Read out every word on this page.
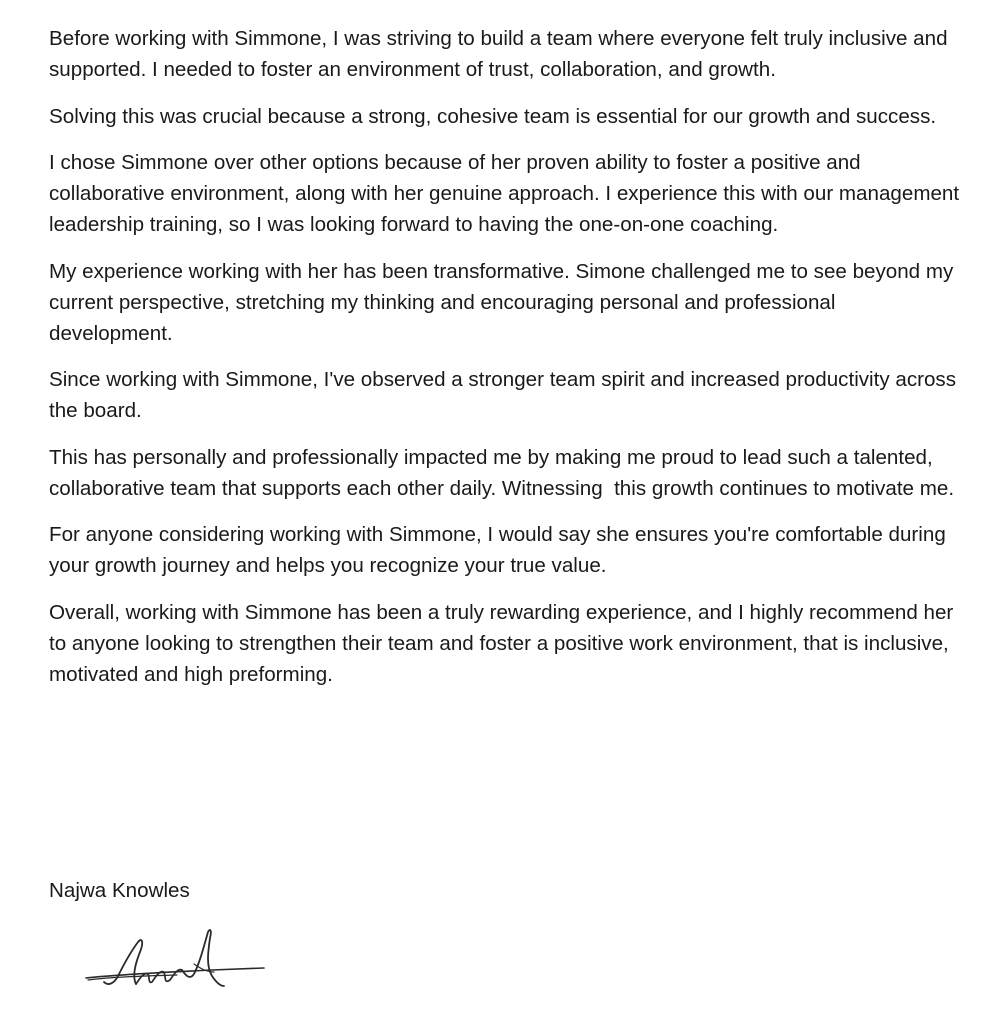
Before working with Simmone, I was striving to build a team where everyone felt truly inclusive and supported. I needed to foster an environment of trust, collaboration, and growth.

Solving this was crucial because a strong, cohesive team is essential for our growth and success.

I chose Simmone over other options because of her proven ability to foster a positive and collaborative environment, along with her genuine approach. I experience this with our management leadership training, so I was looking forward to having the one-on-one coaching.

My experience working with her has been transformative. Simone challenged me to see beyond my current perspective, stretching my thinking and encouraging personal and professional development.

Since working with Simmone, I've observed a stronger team spirit and increased productivity across the board.

This has personally and professionally impacted me by making me proud to lead such a talented, collaborative team that supports each other daily. Witnessing  this growth continues to motivate me.

For anyone considering working with Simmone, I would say she ensures you're comfortable during your growth journey and helps you recognize your true value.

Overall, working with Simmone has been a truly rewarding experience, and I highly recommend her to anyone looking to strengthen their team and foster a positive work environment, that is inclusive, motivated and high preforming.

Najwa Knowles
